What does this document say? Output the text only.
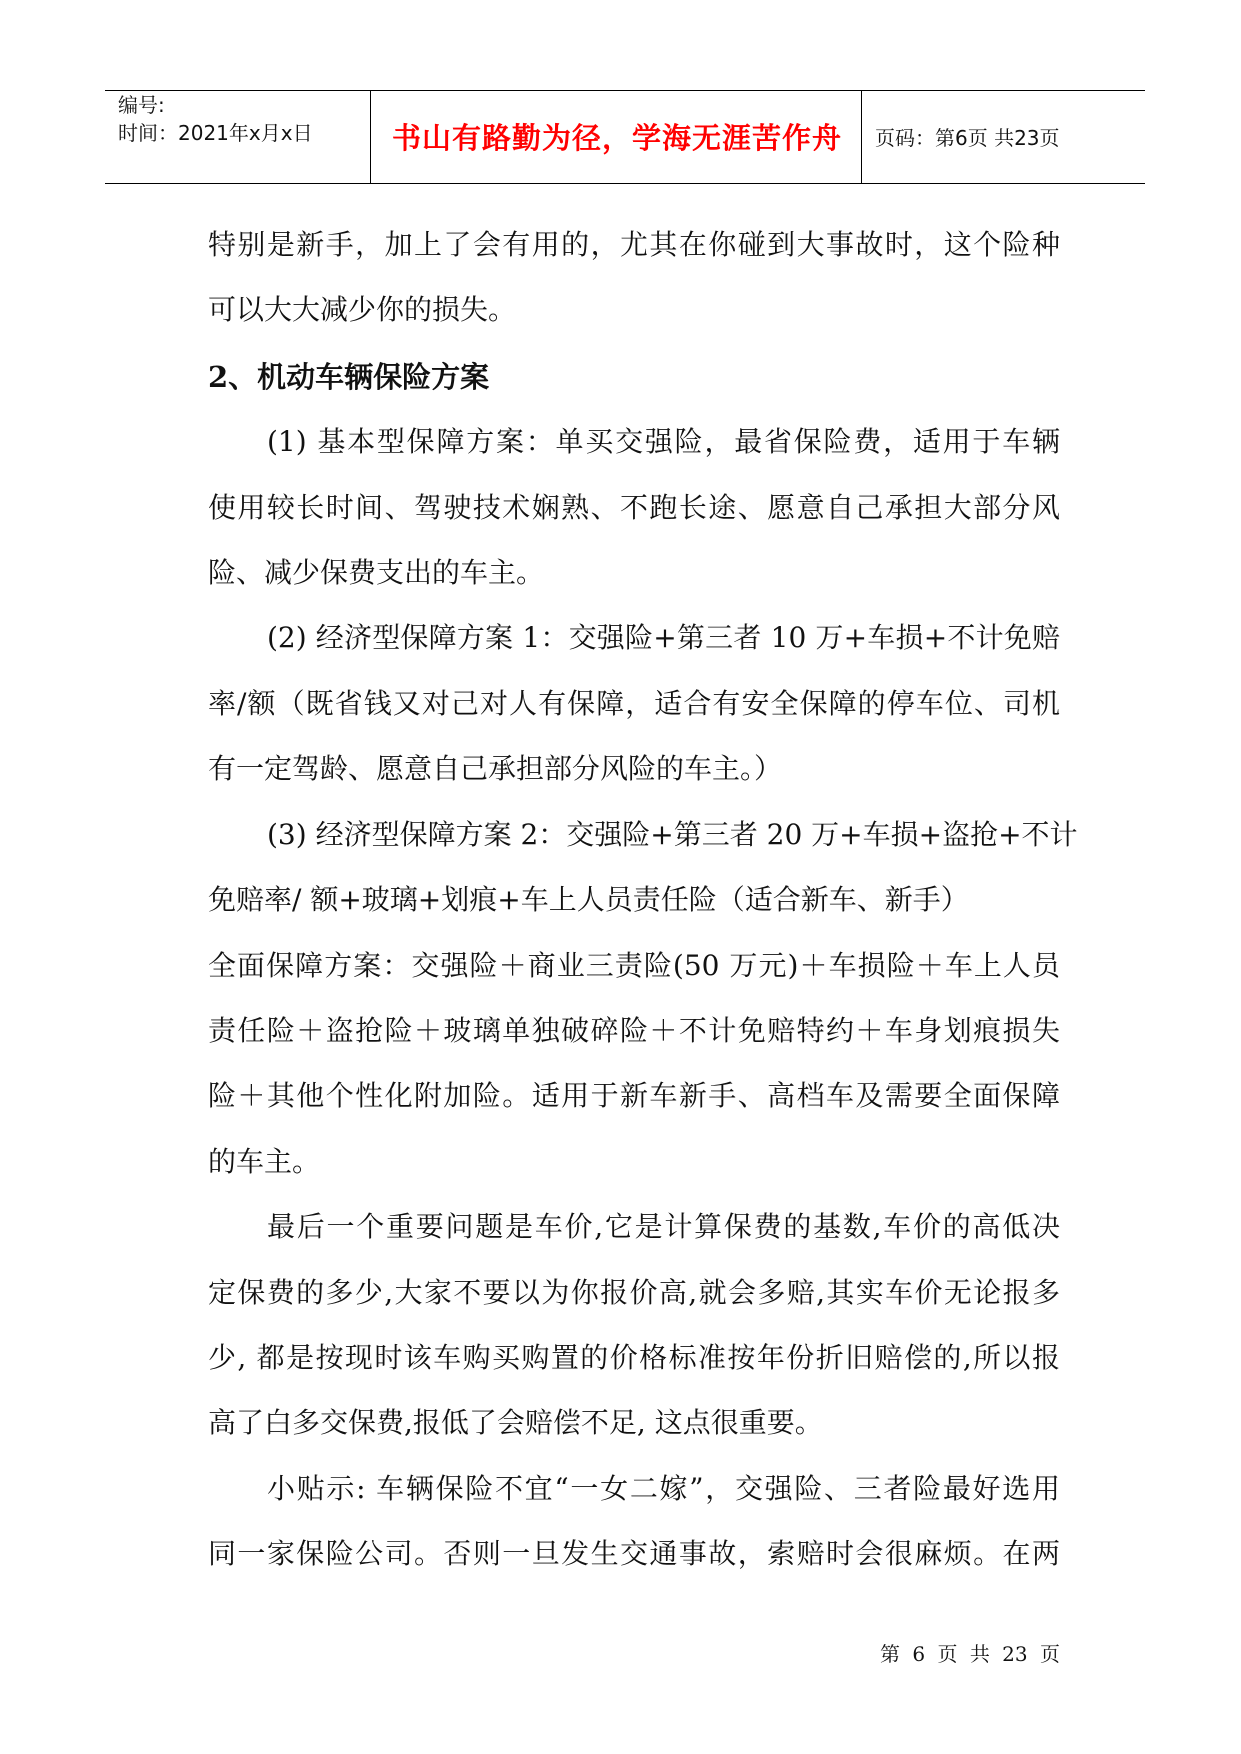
编号:
时间：2021年x月x日	书山有路勤为径，学海无涯苦作舟 页码：第6页 共23页
特别是新手，加上了会有用的，尤其在你碰到大事故时，这个险种
可以大大减少你的损失。
2、机动车辆保险方案
(1) 基本型保障方案：单买交强险，最省保险费，适用于车辆
使用较长时间、驾驶技术娴熟、不跑长途、愿意自己承担大部分风
险、减少保费支出的车主。
(2) 经济型保障方案 1：交强险+第三者 10 万+车损+不计免赔
率/额（既省钱又对己对人有保障，适合有安全保障的停车位、司机
有一定驾龄、愿意自己承担部分风险的车主。）
(3) 经济型保障方案 2：交强险+第三者 20 万+车损+盗抢+不计
免赔率/ 额+玻璃+划痕+车上人员责任险（适合新车、新手）
全面保障方案：交强险＋商业三责险(50 万元)＋车损险＋车上人员
责任险＋盗抢险＋玻璃单独破碎险＋不计免赔特约＋车身划痕损失
险＋其他个性化附加险。适用于新车新手、高档车及需要全面保障
的车主。
最后一个重要问题是车价,它是计算保费的基数,车价的高低决
定保费的多少,大家不要以为你报价高,就会多赔,其实车价无论报多
少, 都是按现时该车购买购置的价格标准按年份折旧赔偿的,所以报
高了白多交保费,报低了会赔偿不足, 这点很重要。
小贴示: 车辆保险不宜“一女二嫁”，交强险、三者险最好选用
同一家保险公司。否则一旦发生交通事故，索赔时会很麻烦。在两
第 6 页 共 23 页
